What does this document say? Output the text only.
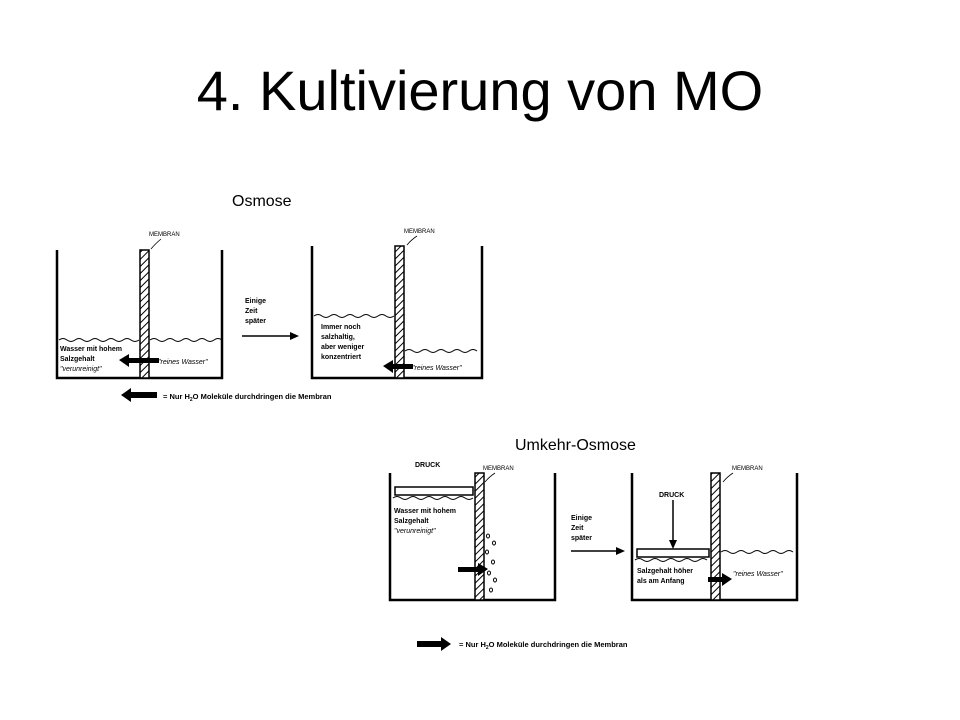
4. Kultivierung von MO
Osmose
MEMBRAN
Wasser mit hohem
Salzgehalt
"verunreinigt"
"reines Wasser"
Einige
Zeit
später
MEMBRAN
Immer noch
salzhaltig,
aber weniger
konzentriert
"reines Wasser"
= Nur $H_2O$ Moleküle durchdringen die Membran
Umkehr-Osmose
DRUCK	MEMBRAN
Wasser mit hohem
Salzgehalt
"verunreinigt"
Einige
Zeit
später
DRUCK
MEMBRAN
Salzgehalt höher
als am Anfang
"reines Wasser"
= Nur $H_2O$ Moleküle durchdringen die Membran
